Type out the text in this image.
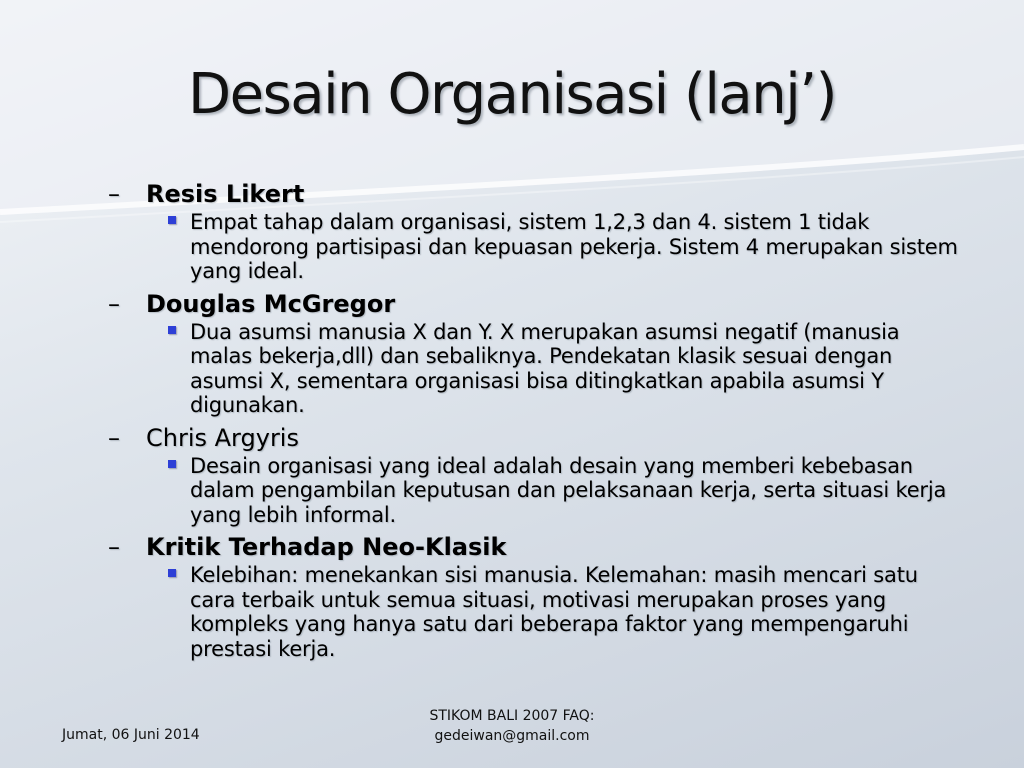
Desain Organisasi (lanj’)
– Resis Likert
Empat tahap dalam organisasi, sistem 1,2,3 dan 4. sistem 1 tidak mendorong partisipasi dan kepuasan pekerja. Sistem 4 merupakan sistem yang ideal.
– Douglas McGregor
Dua asumsi manusia X dan Y. X merupakan asumsi negatif (manusia malas bekerja,dll) dan sebaliknya. Pendekatan klasik sesuai dengan asumsi X, sementara organisasi bisa ditingkatkan apabila asumsi Y digunakan.
– Chris Argyris
Desain organisasi yang ideal adalah desain yang memberi kebebasan dalam pengambilan keputusan dan pelaksanaan kerja, serta situasi kerja yang lebih informal.
– Kritik Terhadap Neo-Klasik
Kelebihan: menekankan sisi manusia. Kelemahan: masih mencari satu cara terbaik untuk semua situasi, motivasi merupakan proses yang kompleks yang hanya satu dari beberapa faktor yang mempengaruhi prestasi kerja.
Jumat, 06 Juni 2014
STIKOM BALI 2007 FAQ:
gedeiwan@gmail.com
